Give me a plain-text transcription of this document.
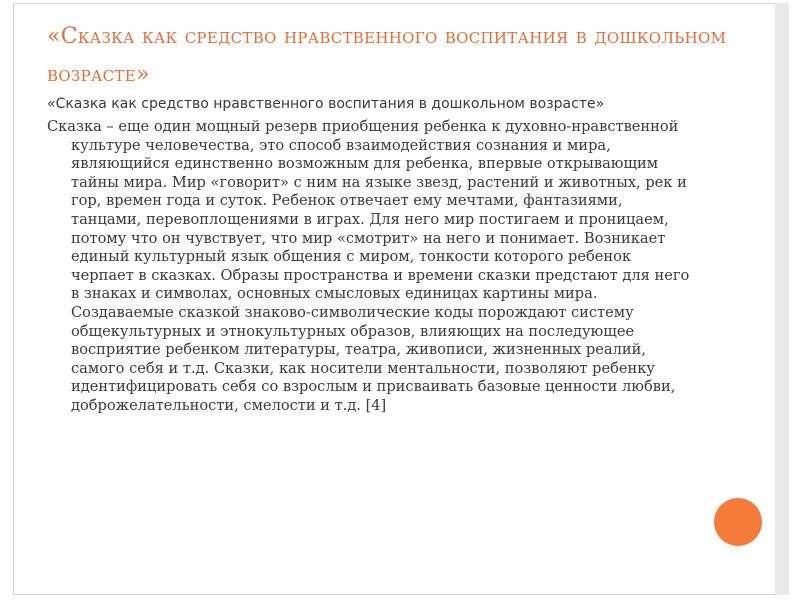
«Сказка как средство нравственного воспитания в дошкольном возрасте»

«Сказка как средство нравственного воспитания в дошкольном возрасте»

Сказка – еще один мощный резерв приобщения ребенка к духовно-нравственной культуре человечества, это способ взаимодействия сознания и мира, являющийся единственно возможным для ребенка, впервые открывающим тайны мира. Мир «говорит» с ним на языке звезд, растений и животных, рек и гор, времен года и суток. Ребенок отвечает ему мечтами, фантазиями, танцами, перевоплощениями в играх. Для него мир постигаем и проницаем, потому что он чувствует, что мир «смотрит» на него и понимает. Возникает единый культурный язык общения с миром, тонкости которого ребенок черпает в сказках. Образы пространства и времени сказки предстают для него в знаках и символах, основных смысловых единицах картины мира. Создаваемые сказкой знаково-символические коды порождают систему общекультурных и этнокультурных образов, влияющих на последующее восприятие ребенком литературы, театра, живописи, жизненных реалий, самого себя и т.д. Сказки, как носители ментальности, позволяют ребенку идентифицировать себя со взрослым и присваивать базовые ценности любви, доброжелательности, смелости и т.д. [4]
